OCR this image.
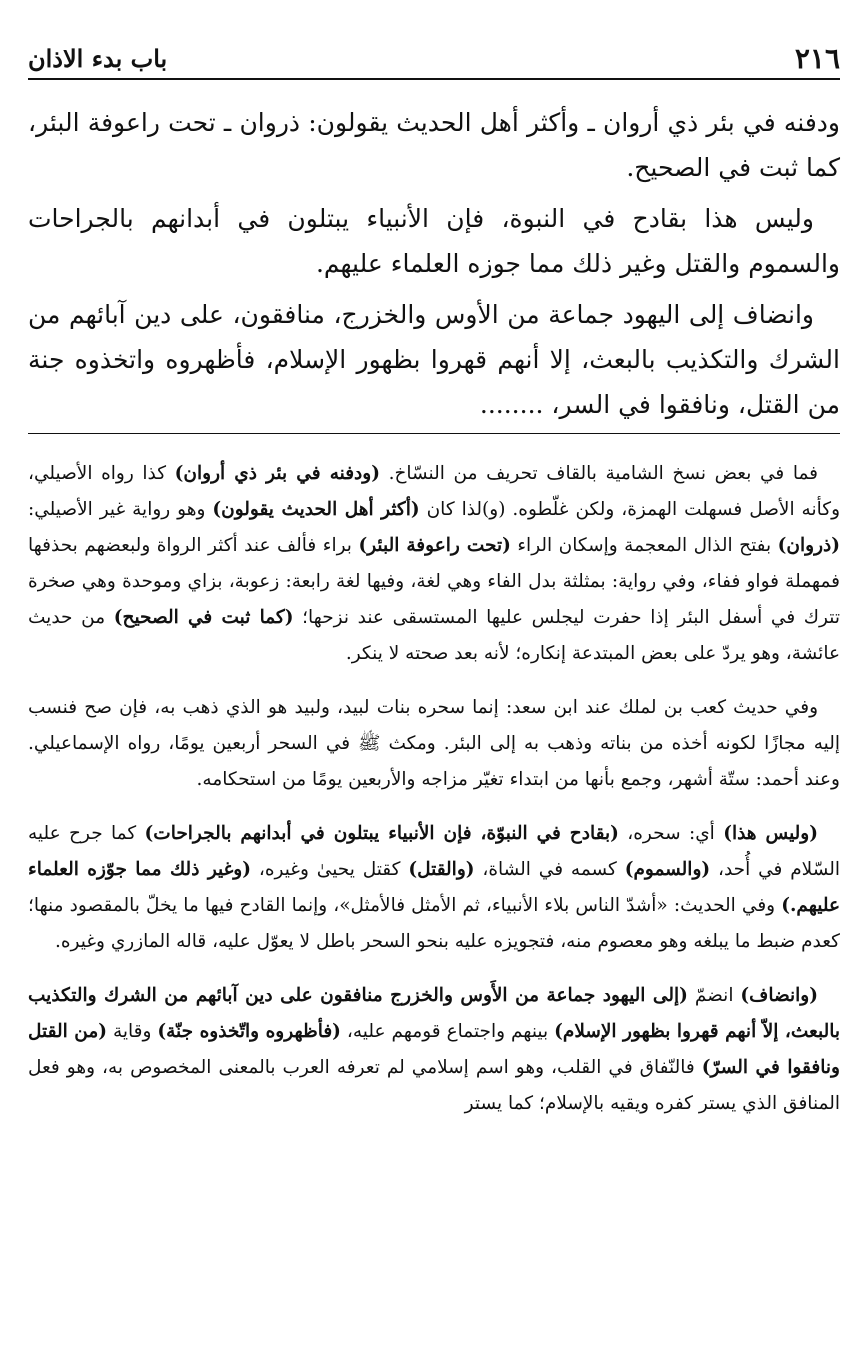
٢١٦
باب بدء الاذان

ودفنه في بئر ذي أروان ـ وأكثر أهل الحديث يقولون: ذروان ـ تحت راعوفة البئر، كما ثبت في الصحيح.

وليس هذا بقادح في النبوة، فإن الأنبياء يبتلون في أبدانهم بالجراحات والسموم والقتل وغير ذلك مما جوزه العلماء عليهم.

وانضاف إلى اليهود جماعة من الأوس والخزرج، منافقون، على دين آبائهم من الشرك والتكذيب بالبعث، إلا أنهم قهروا بظهور الإسلام، فأظهروه واتخذوه جنة من القتل، ونافقوا في السر، ........

فما في بعض نسخ الشامية بالقاف تحريف من النسّاخ. (ودفنه في بئر ذي أروان) كذا رواه الأصيلي، وكأنه الأصل فسهلت الهمزة، ولكن غلّطوه. (و)لذا كان (أكثر أهل الحديث يقولون) وهو رواية غير الأصيلي: (ذروان) بفتح الذال المعجمة وإسكان الراء (تحت راعوفة البئر) براء فألف عند أكثر الرواة ولبعضهم بحذفها فمهملة فواو ففاء، وفي رواية: بمثلثة بدل الفاء وهي لغة، وفيها لغة رابعة: زعوبة، بزاي وموحدة وهي صخرة تترك في أسفل البئر إذا حفرت ليجلس عليها المستسقى عند نزحها؛ (كما ثبت في الصحيح) من حديث عائشة، وهو يردّ على بعض المبتدعة إنكاره؛ لأنه بعد صحته لا ينكر.

وفي حديث كعب بن لملك عند ابن سعد: إنما سحره بنات لبيد، ولبيد هو الذي ذهب به، فإن صح فنسب إليه مجازًا لكونه أخذه من بناته وذهب به إلى البئر. ومكث ﷺ في السحر أربعين يومًا، رواه الإسماعيلي. وعند أحمد: ستّة أشهر، وجمع بأنها من ابتداء تغيّر مزاجه والأربعين يومًا من استحكامه.

(وليس هذا) أي: سحره، (بقادح في النبوّة، فإن الأنبياء يبتلون في أبدانهم بالجراحات) كما جرح عليه السّلام في أُحد، (والسموم) كسمه في الشاة، (والقتل) كقتل يحيىٰ وغيره، (وغير ذلك مما جوّزه العلماء عليهم.) وفي الحديث: «أشدّ الناس بلاء الأنبياء، ثم الأمثل فالأمثل»، وإنما القادح فيها ما يخلّ بالمقصود منها؛ كعدم ضبط ما يبلغه وهو معصوم منه، فتجويزه عليه بنحو السحر باطل لا يعوّل عليه، قاله المازري وغيره.

(وانضاف) انضمّ (إلى اليهود جماعة من الأَوس والخزرج منافقون على دين آبائهم من الشرك والتكذيب بالبعث، إلاّ أنهم قهروا بظهور الإسلام) بينهم واجتماع قومهم عليه، (فأظهروه واتّخذوه جنّة) وقاية (من القتل ونافقوا في السرّ) فالنّفاق في القلب، وهو اسم إسلامي لم تعرفه العرب بالمعنى المخصوص به، وهو فعل المنافق الذي يستر كفره ويقيه بالإسلام؛ كما يستر
